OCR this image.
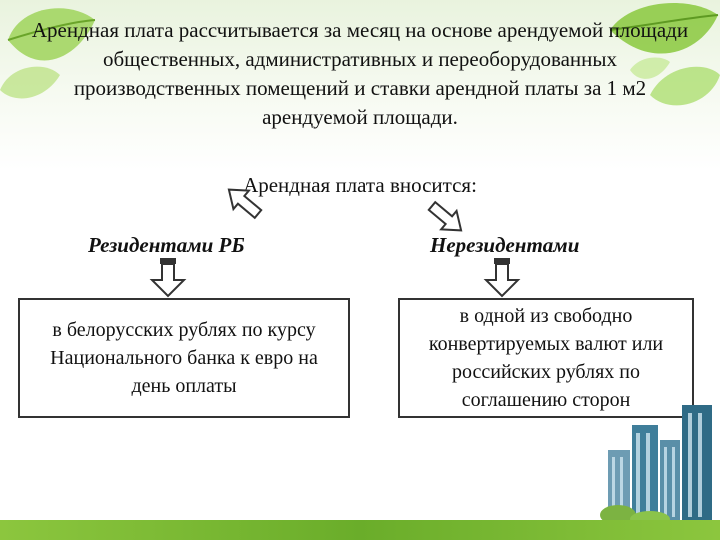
Арендная плата рассчитывается за месяц на основе арендуемой площади общественных, административных и переоборудованных производственных помещений и ставки арендной платы за 1 м2 арендуемой площади.
Арендная плата вносится:
Резидентами РБ	Нерезидентами
в белорусских рублях по курсу Национального банка к евро на день оплаты
в одной из свободно конвертируемых валют или российских рублях по соглашению сторон
